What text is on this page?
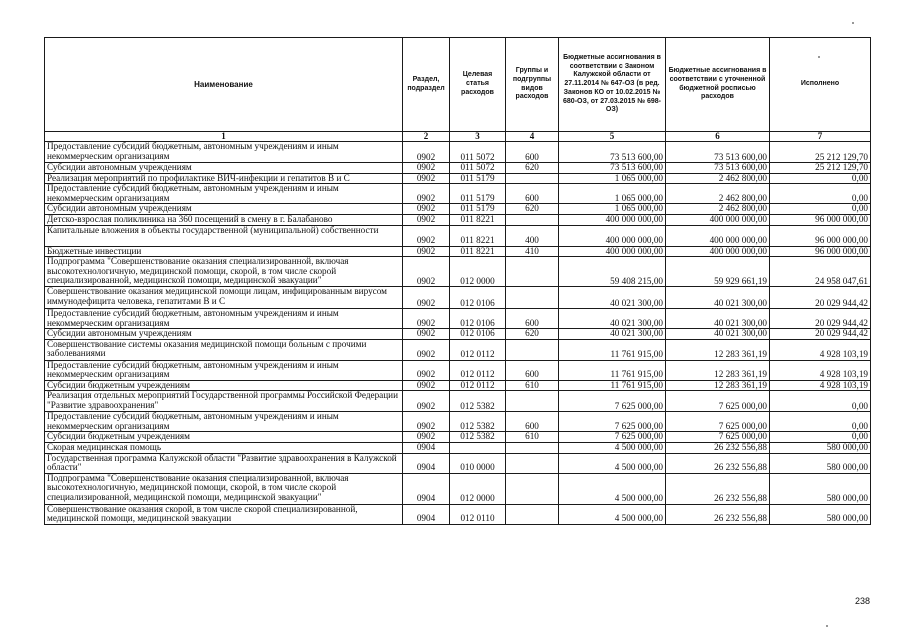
Наименование	Раздел, подраздел	Целевая статья расходов	Группы и подгруппы видов расходов	Бюджетные ассигнования в соответствии с Законом Калужской области от 27.11.2014 № 647-ОЗ (в ред. Законов КО от 10.02.2015 № 680-ОЗ, от 27.03.2015 № 698-ОЗ)	Бюджетные ассигнования в соответствии с уточненной бюджетной росписью расходов	Исполнено
1	2	3	4	5	6	7
Предоставление субсидий бюджетным, автономным учреждениям и иным некоммерческим организациям	0902	011 5072	600	73 513 600,00	73 513 600,00	25 212 129,70
Субсидии автономным учреждениям	0902	011 5072	620	73 513 600,00	73 513 600,00	25 212 129,70
Реализация мероприятий по профилактике ВИЧ-инфекции и гепатитов В и С	0902	011 5179		1 065 000,00	2 462 800,00	0,00
Предоставление субсидий бюджетным, автономным учреждениям и иным некоммерческим организациям	0902	011 5179	600	1 065 000,00	2 462 800,00	0,00
Субсидии автономным учреждениям	0902	011 5179	620	1 065 000,00	2 462 800,00	0,00
Детско-взрослая поликлиника на 360 посещений в смену в г. Балабаново	0902	011 8221		400 000 000,00	400 000 000,00	96 000 000,00
Капитальные вложения в объекты государственной (муниципальной) собственности	0902	011 8221	400	400 000 000,00	400 000 000,00	96 000 000,00
Бюджетные инвестиции	0902	011 8221	410	400 000 000,00	400 000 000,00	96 000 000,00
Подпрограмма "Совершенствование оказания специализированной, включая высокотехнологичную, медицинской помощи, скорой, в том числе скорой специализированной, медицинской помощи, медицинской эвакуации"	0902	012 0000		59 408 215,00	59 929 661,19	24 958 047,61
Совершенствование оказания медицинской помощи лицам, инфицированным вирусом иммунодефицита человека, гепатитами В и С	0902	012 0106		40 021 300,00	40 021 300,00	20 029 944,42
Предоставление субсидий бюджетным, автономным учреждениям и иным некоммерческим организациям	0902	012 0106	600	40 021 300,00	40 021 300,00	20 029 944,42
Субсидии автономным учреждениям	0902	012 0106	620	40 021 300,00	40 021 300,00	20 029 944,42
Совершенствование системы оказания медицинской помощи больным с прочими заболеваниями	0902	012 0112		11 761 915,00	12 283 361,19	4 928 103,19
Предоставление субсидий бюджетным, автономным учреждениям и иным некоммерческим организациям	0902	012 0112	600	11 761 915,00	12 283 361,19	4 928 103,19
Субсидии бюджетным учреждениям	0902	012 0112	610	11 761 915,00	12 283 361,19	4 928 103,19
Реализация отдельных мероприятий Государственной программы Российской Федерации "Развитие здравоохранения"	0902	012 5382		7 625 000,00	7 625 000,00	0,00
Предоставление субсидий бюджетным, автономным учреждениям и иным некоммерческим организациям	0902	012 5382	600	7 625 000,00	7 625 000,00	0,00
Субсидии бюджетным учреждениям	0902	012 5382	610	7 625 000,00	7 625 000,00	0,00
Скорая медицинская помощь	0904			4 500 000,00	26 232 556,88	580 000,00
Государственная программа Калужской области "Развитие здравоохранения в Калужской области"	0904	010 0000		4 500 000,00	26 232 556,88	580 000,00
Подпрограмма "Совершенствование оказания специализированной, включая высокотехнологичную, медицинской помощи, скорой, в том числе скорой специализированной, медицинской помощи, медицинской эвакуации"	0904	012 0000		4 500 000,00	26 232 556,88	580 000,00
Совершенствование оказания скорой, в том числе скорой специализированной, медицинской помощи, медицинской эвакуации	0904	012 0110		4 500 000,00	26 232 556,88	580 000,00
238
